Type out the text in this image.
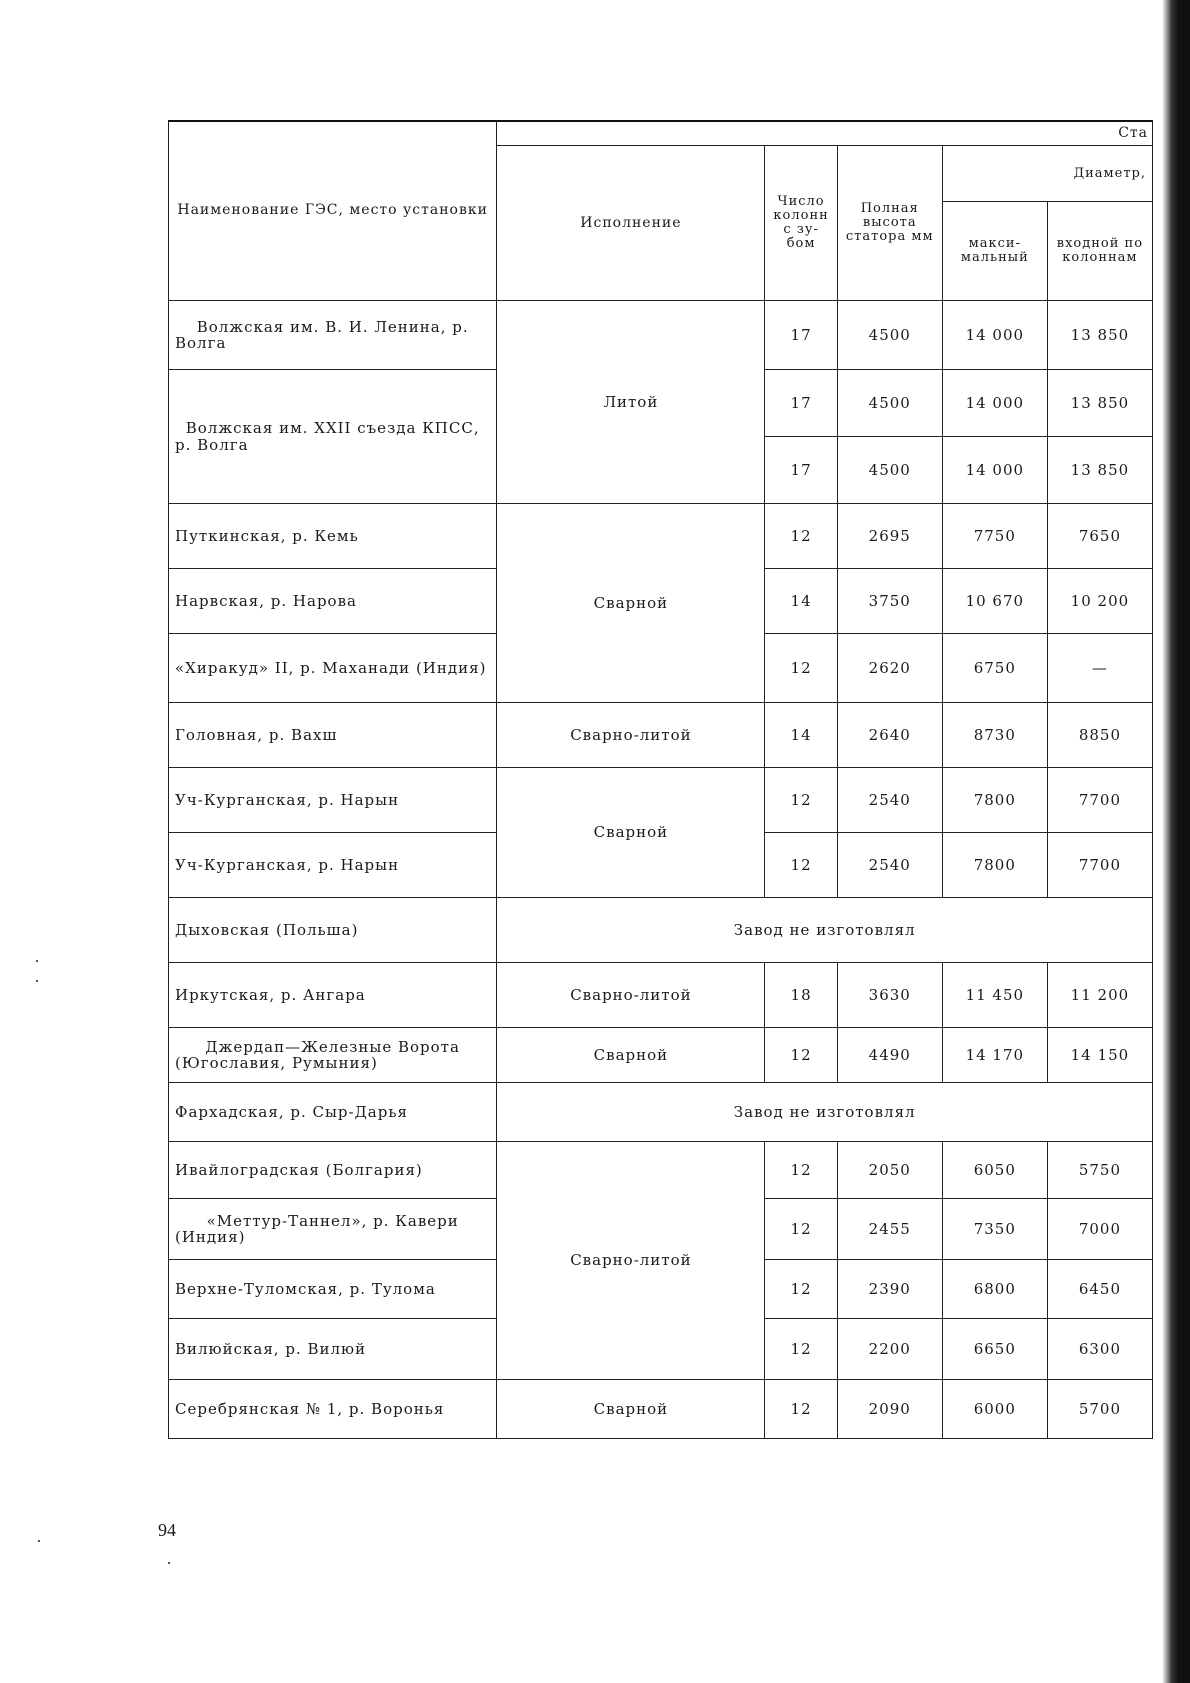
Наименование ГЭС, место установки	Ста				
	Исполнение	Число колонн с зу-бом	Полная высота статора мм	Диаметр,	
				макси-мальный	входной по колоннам
Волжская им. В. И. Ленина, р. Волга	Литой	17	4500	14 000	13 850
Волжская им. XXII съезда КПСС, р. Волга		17	4500	14 000	13 850
		17	4500	14 000	13 850
Путкинская, р. Кемь	Сварной	12	2695	7750	7650
Нарвская, р. Нарова		14	3750	10 670	10 200
«Хиракуд» II, р. Маханади (Индия)		12	2620	6750	—
Головная, р. Вахш	Сварно-литой	14	2640	8730	8850
Уч-Курганская, р. Нарын	Сварной	12	2540	7800	7700
Уч-Курганская, р. Нарын		12	2540	7800	7700
Дыховская (Польша)	Завод не изготовлял				
Иркутская, р. Ангара	Сварно-литой	18	3630	11 450	11 200
Джердап—Железные Ворота (Югославия, Румыния)	Сварной	12	4490	14 170	14 150
Фархадская, р. Сыр-Дарья	Завод не изготовлял				
Ивайлоградская (Болгария)	Сварно-литой	12	2050	6050	5750
«Меттур-Таннел», р. Кавери (Индия)		12	2455	7350	7000
Верхне-Туломская, р. Тулома		12	2390	6800	6450
Вилюйская, р. Вилюй		12	2200	6650	6300
Серебрянская № 1, р. Воронья	Сварной	12	2090	6000	5700
94
